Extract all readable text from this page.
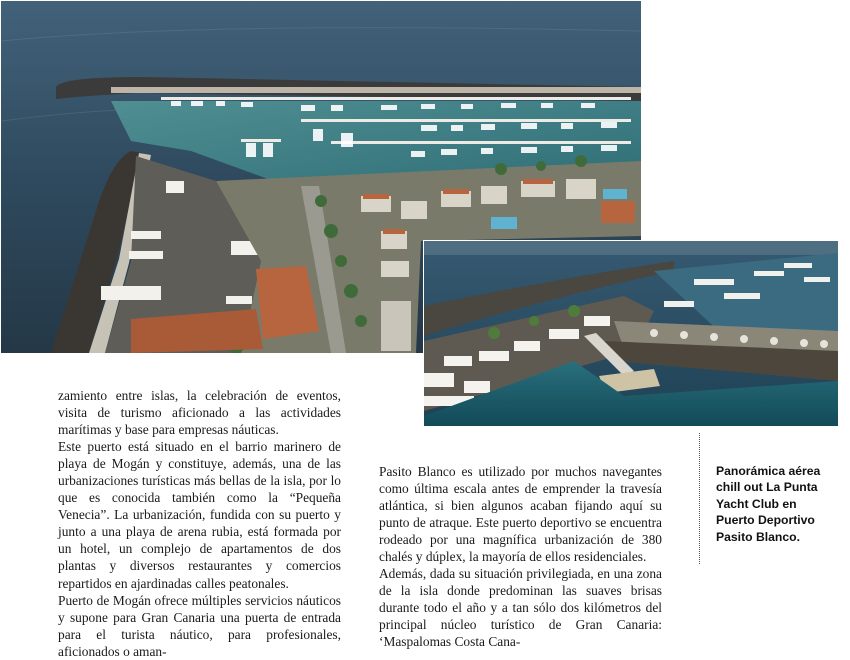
zamiento entre islas, la celebración de eventos, visita de turismo aficionado a las actividades marítimas y base para empresas náuticas.

Este puerto está situado en el barrio marinero de playa de Mogán y constituye, además, una de las urbanizaciones turísticas más bellas de la isla, por lo que es conocida también como la “Pequeña Venecia”. La urbanización, fundida con su puerto y junto a una playa de arena rubia, está formada por un hotel, un complejo de apartamentos de dos plantas y diversos restaurantes y comercios repartidos en ajardinadas calles peatonales.

Puerto de Mogán ofrece múltiples servicios náuticos y supone para Gran Canaria una puerta de entrada para el turista náutico, para profesionales, aficionados o aman-

Pasito Blanco es utilizado por muchos navegantes como última escala antes de emprender la travesía atlántica, si bien algunos acaban fijando aquí su punto de atraque. Este puerto deportivo se encuentra rodeado por una magnífica urbanización de 380 chalés y dúplex, la mayoría de ellos residenciales.

Además, dada su situación privilegiada, en una zona de la isla donde predominan las suaves brisas durante todo el año y a tan sólo dos kilómetros del principal núcleo turístico de Gran Canaria: ‘Maspalomas Costa Cana-

Panorámica aérea chill out La Punta Yacht Club en Puerto Deportivo Pasito Blanco.
